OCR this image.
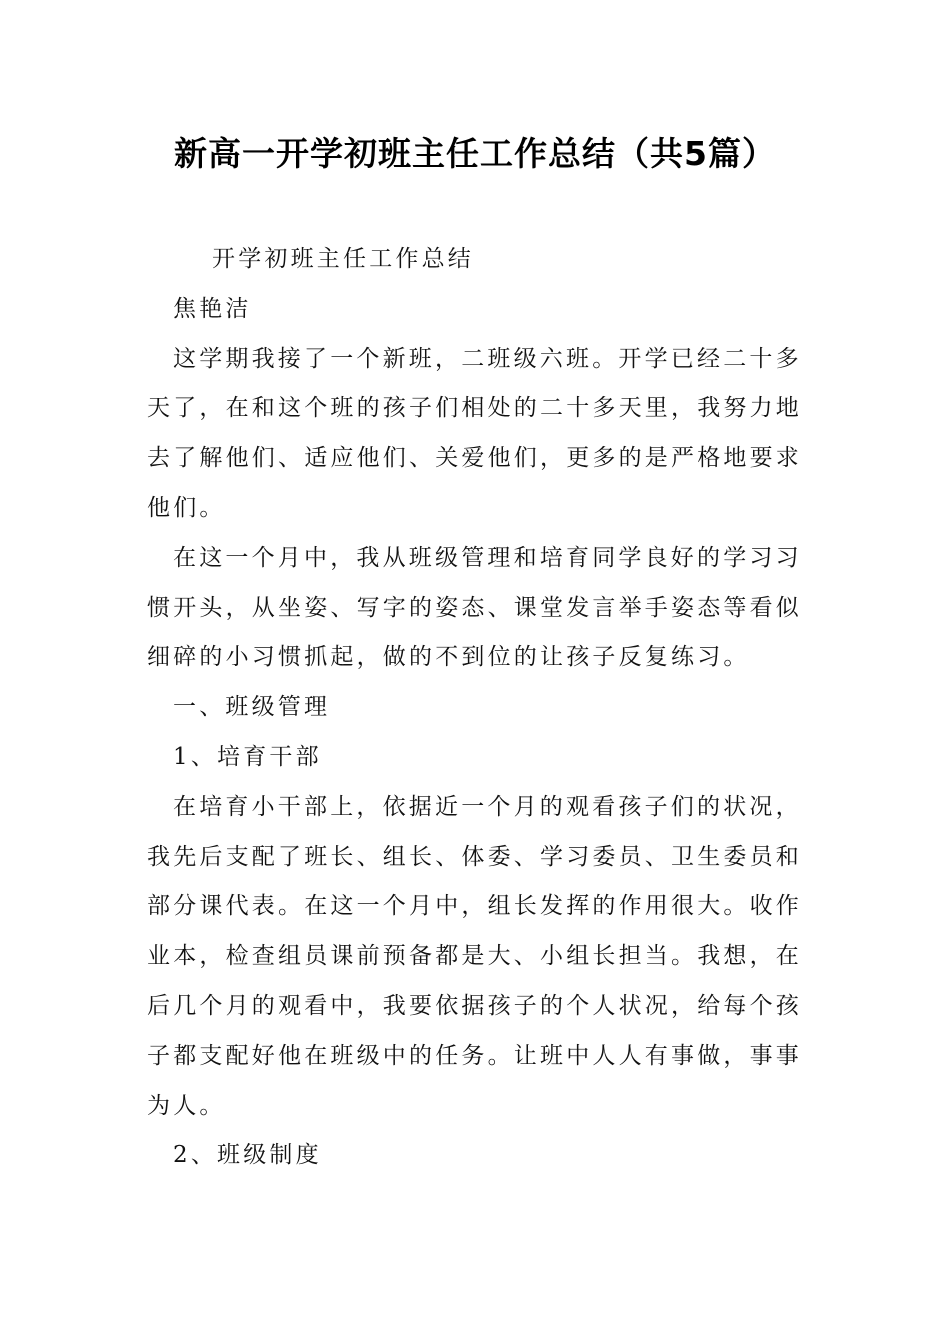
新高一开学初班主任工作总结（共5篇）

开学初班主任工作总结

焦艳洁

这学期我接了一个新班，二班级六班。开学已经二十多天了，在和这个班的孩子们相处的二十多天里，我努力地去了解他们、适应他们、关爱他们，更多的是严格地要求他们。

在这一个月中，我从班级管理和培育同学良好的学习习惯开头，从坐姿、写字的姿态、课堂发言举手姿态等看似细碎的小习惯抓起，做的不到位的让孩子反复练习。

一、班级管理

1、培育干部

在培育小干部上，依据近一个月的观看孩子们的状况，我先后支配了班长、组长、体委、学习委员、卫生委员和部分课代表。在这一个月中，组长发挥的作用很大。收作业本，检查组员课前预备都是大、小组长担当。我想，在后几个月的观看中，我要依据孩子的个人状况，给每个孩子都支配好他在班级中的任务。让班中人人有事做，事事为人。

2、班级制度
